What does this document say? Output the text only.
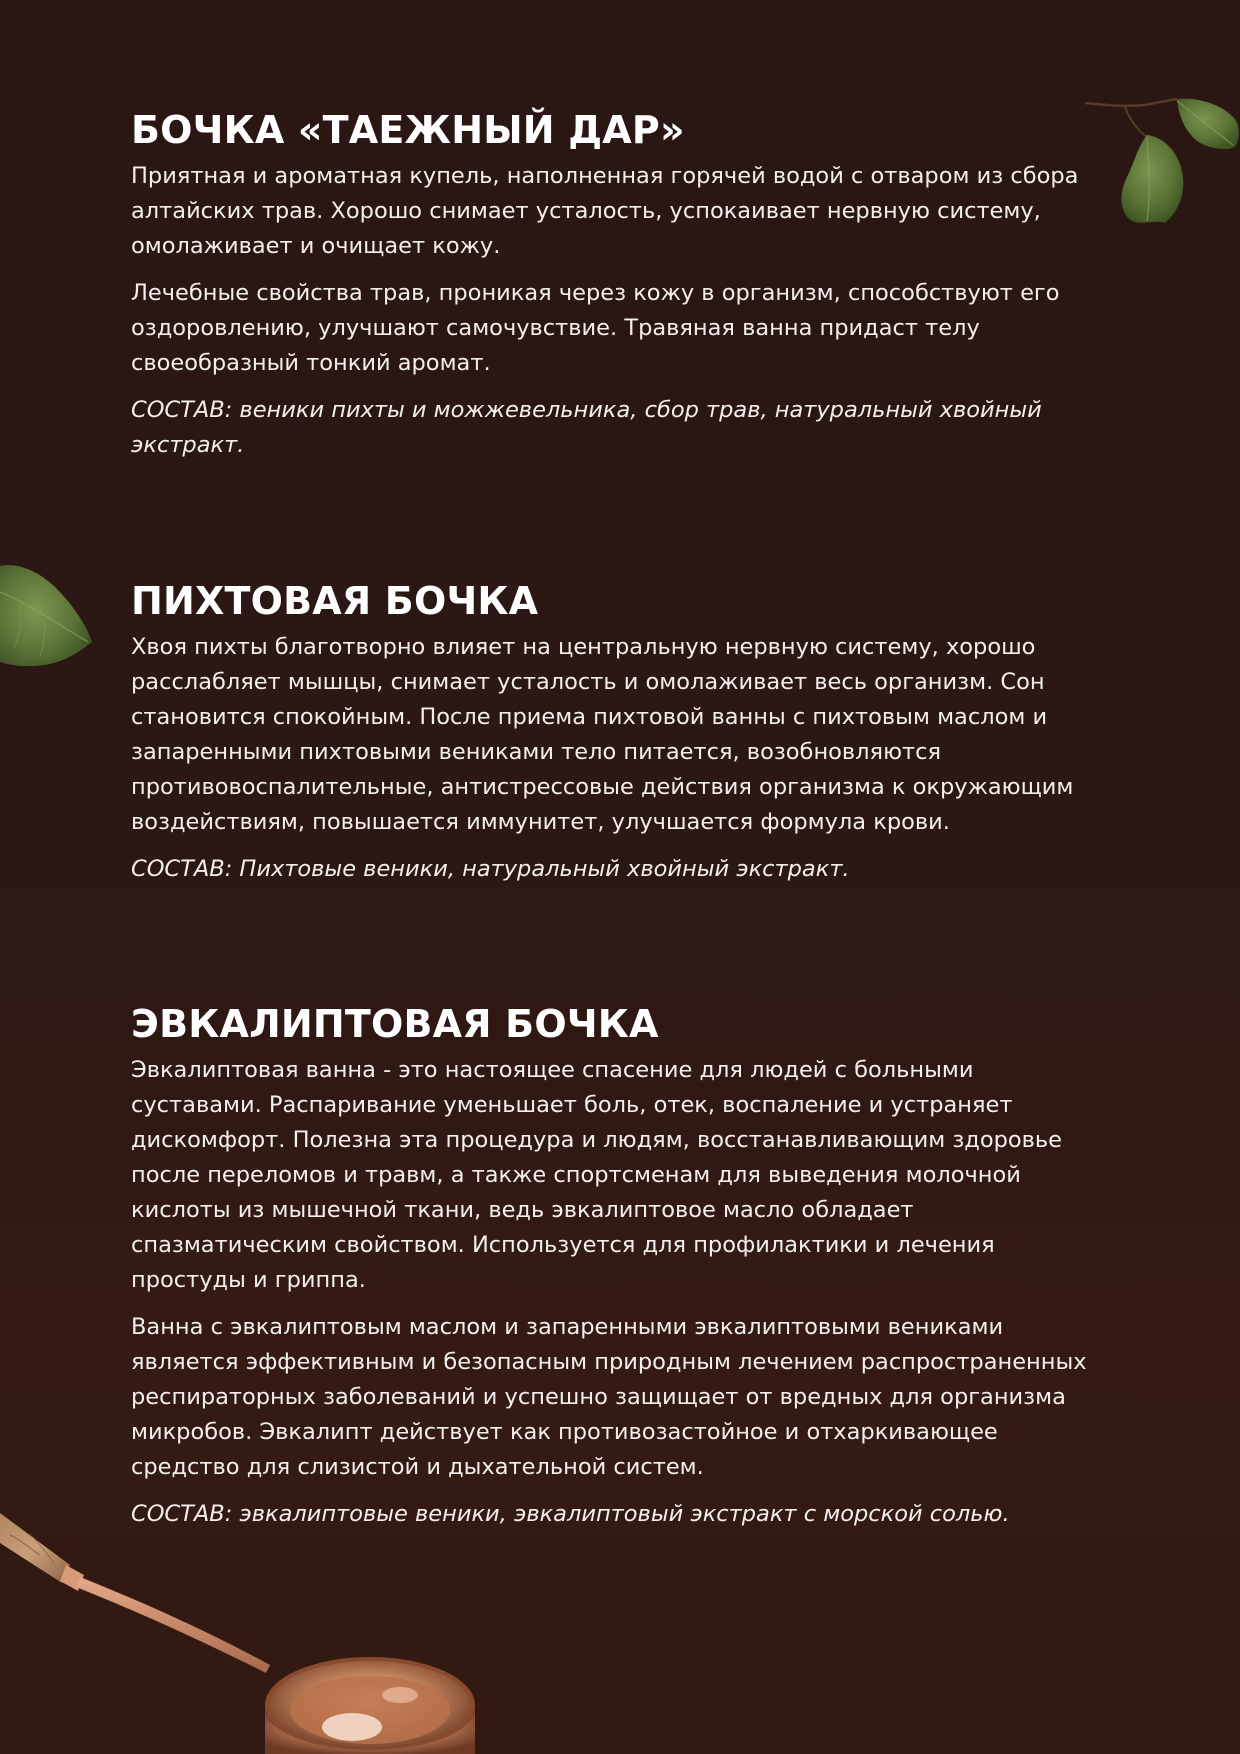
БОЧКА «ТАЕЖНЫЙ ДАР»

Приятная и ароматная купель, наполненная горячей водой с отваром из сбора алтайских трав. Хорошо снимает усталость, успокаивает нервную систему, омолаживает и очищает кожу.

Лечебные свойства трав, проникая через кожу в организм, способствуют его оздоровлению, улучшают самочувствие. Травяная ванна придаст телу своеобразный тонкий аромат.

СОСТАВ: веники пихты и можжевельника, сбор трав, натуральный хвойный экстракт.

ПИХТОВАЯ БОЧКА

Хвоя пихты благотворно влияет на центральную нервную систему, хорошо расслабляет мышцы, снимает усталость и омолаживает весь организм. Сон становится спокойным. После приема пихтовой ванны с пихтовым маслом и запаренными пихтовыми вениками тело питается, возобновляются противовоспалительные, антистрессовые действия организма к окружающим воздействиям, повышается иммунитет, улучшается формула крови.

СОСТАВ: Пихтовые веники, натуральный хвойный экстракт.

ЭВКАЛИПТОВАЯ БОЧКА

Эвкалиптовая ванна - это настоящее спасение для людей с больными суставами. Распаривание уменьшает боль, отек, воспаление и устраняет дискомфорт. Полезна эта процедура и людям, восстанавливающим здоровье после переломов и травм, а также спортсменам для выведения молочной кислоты из мышечной ткани, ведь эвкалиптовое масло обладает спазматическим свойством. Используется для профилактики и лечения простуды и гриппа.

Ванна с эвкалиптовым маслом и запаренными эвкалиптовыми вениками является эффективным и безопасным природным лечением распространенных респираторных заболеваний и успешно защищает от вредных для организма микробов. Эвкалипт действует как противозастойное и отхаркивающее средство для слизистой и дыхательной систем.

СОСТАВ: эвкалиптовые веники, эвкалиптовый экстракт с морской солью.
